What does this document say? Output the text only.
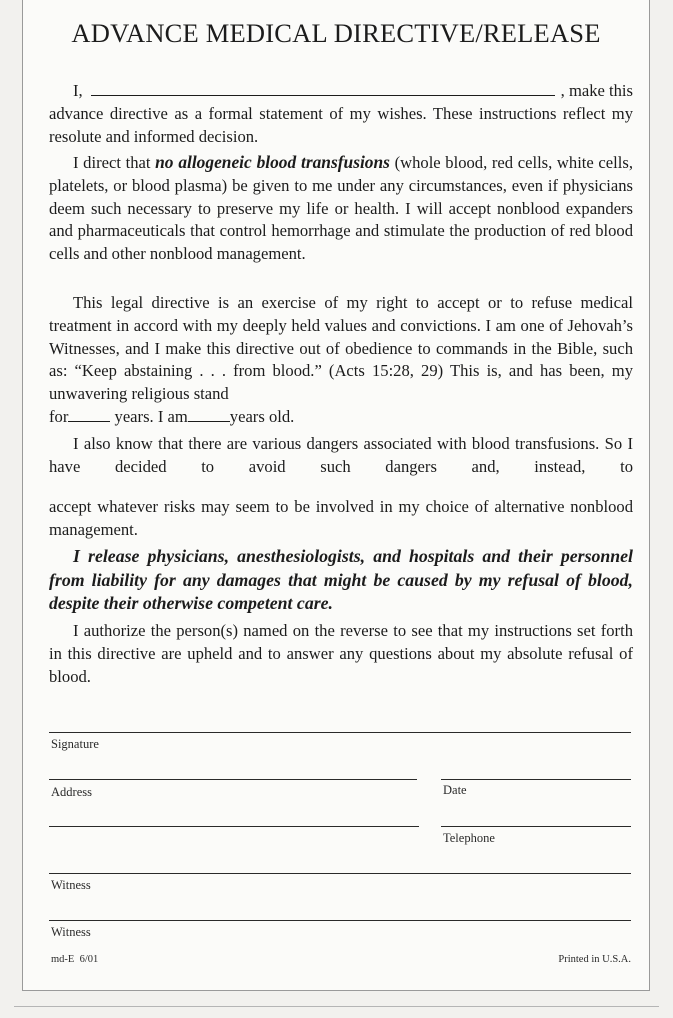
ADVANCE MEDICAL DIRECTIVE/RELEASE
I,	, make this

advance directive as a formal statement of my wishes. These instructions reflect my resolute and informed decision.

I direct that no allogeneic blood transfusions (whole blood, red cells, white cells, platelets, or blood plasma) be given to me under any circumstances, even if physicians deem such necessary to preserve my life or health. I will accept nonblood expanders and pharmaceuticals that control hemorrhage and stimulate the production of red blood cells and other nonblood management.

This legal directive is an exercise of my right to accept or to refuse medical treatment in accord with my deeply held values and convictions. I am one of Jehovah’s Witnesses, and I make this directive out of obedience to commands in the Bible, such as: “Keep abstaining . . . from blood.” (Acts 15:28, 29) This is, and has been, my unwavering religious stand

for	years. I am	years old.

I also know that there are various dangers associated with blood transfusions. So I have decided to avoid such dangers and, instead, to

accept whatever risks may seem to be involved in my choice of alternative nonblood management.

I release physicians, anesthesiologists, and hospitals and their personnel from liability for any damages that might be caused by my refusal of blood, despite their otherwise competent care.

I authorize the person(s) named on the reverse to see that my instructions set forth in this directive are upheld and to answer any questions about my absolute refusal of blood.

Signature
Address	Date
Telephone
Witness
Witness
md-E  6/01	Printed in U.S.A.
